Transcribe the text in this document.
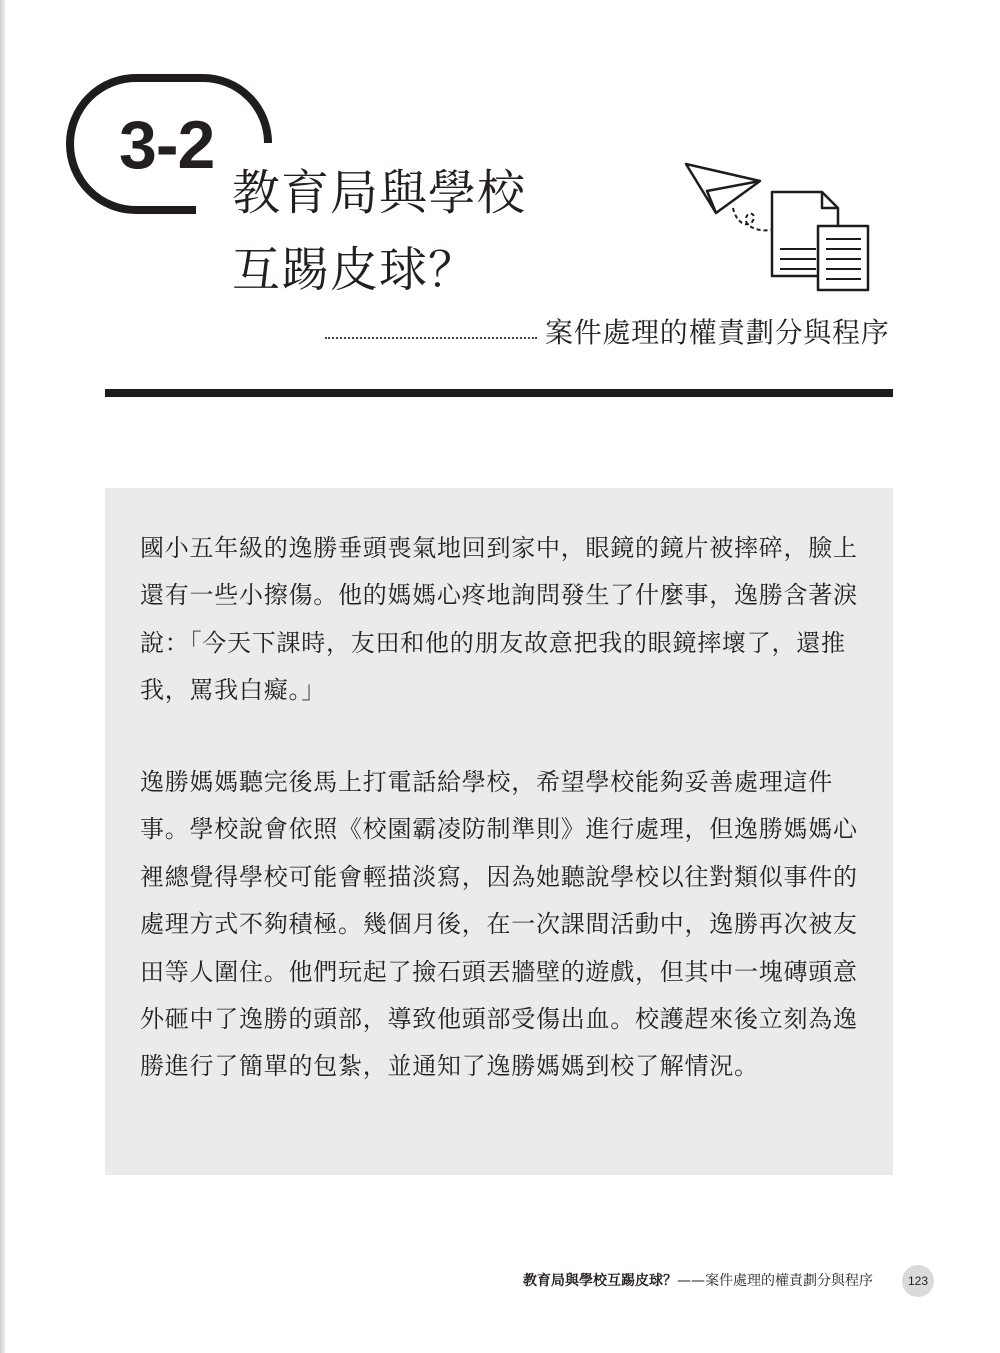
3-2
教育局與學校
互踢皮球？
案件處理的權責劃分與程序
國小五年級的逸勝垂頭喪氣地回到家中，眼鏡的鏡片被摔碎，臉上
還有一些小擦傷。他的媽媽心疼地詢問發生了什麼事，逸勝含著淚
說：「今天下課時，友田和他的朋友故意把我的眼鏡摔壞了，還推
我，罵我白癡。」
逸勝媽媽聽完後馬上打電話給學校，希望學校能夠妥善處理這件
事。學校說會依照《校園霸凌防制準則》進行處理，但逸勝媽媽心
裡總覺得學校可能會輕描淡寫，因為她聽說學校以往對類似事件的
處理方式不夠積極。幾個月後，在一次課間活動中，逸勝再次被友
田等人圍住。他們玩起了撿石頭丟牆壁的遊戲，但其中一塊磚頭意
外砸中了逸勝的頭部，導致他頭部受傷出血。校護趕來後立刻為逸
勝進行了簡單的包紮，並通知了逸勝媽媽到校了解情況。
教育局與學校互踢皮球？——案件處理的權責劃分與程序	123
